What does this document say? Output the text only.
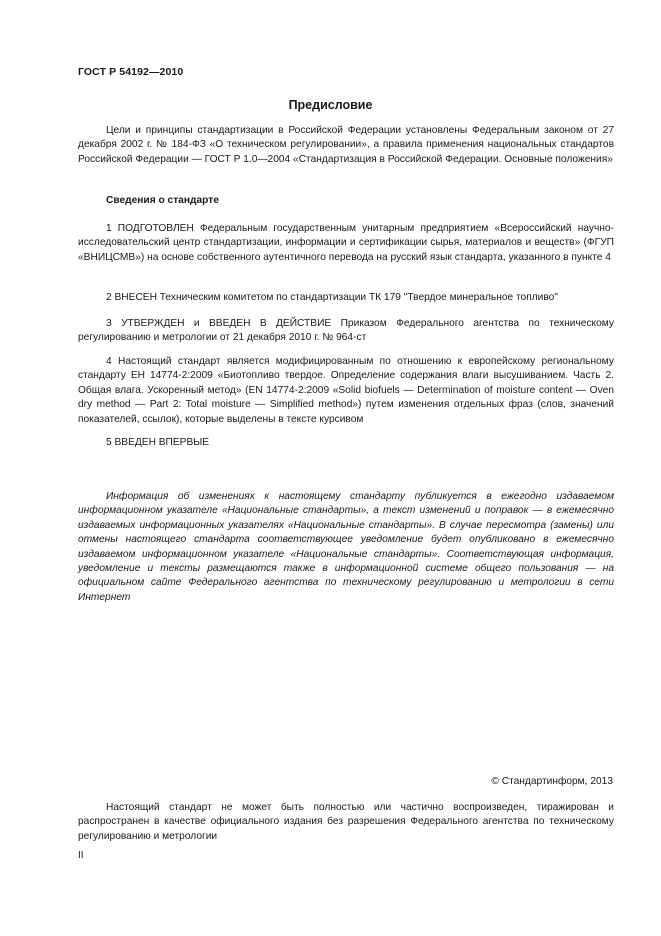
ГОСТ Р 54192—2010
Предисловие
Цели и принципы стандартизации в Российской Федерации установлены Федеральным законом от 27 декабря 2002 г. № 184-ФЗ «О техническом регулировании», а правила применения национальных стандартов Российской Федерации — ГОСТ Р 1.0—2004 «Стандартизация в Российской Федерации. Основные положения»
Сведения о стандарте
1 ПОДГОТОВЛЕН Федеральным государственным унитарным предприятием «Всероссийский научно-исследовательский центр стандартизации, информации и сертификации сырья, материалов и веществ» (ФГУП «ВНИЦСМВ») на основе собственного аутентичного перевода на русский язык стандарта, указанного в пункте 4
2 ВНЕСЕН Техническим комитетом по стандартизации ТК 179 "Твердое минеральное топливо"
3 УТВЕРЖДЕН и ВВЕДЕН В ДЕЙСТВИЕ Приказом Федерального агентства по техническому регулированию и метрологии от 21 декабря 2010 г. № 964-ст
4 Настоящий стандарт является модифицированным по отношению к европейскому региональному стандарту ЕН 14774-2:2009 «Биотопливо твердое. Определение содержания влаги высушиванием. Часть 2. Общая влага. Ускоренный метод» (EN 14774-2:2009 «Solid biofuels — Determination of moisture content — Oven dry method — Part 2: Total moisture — Simplified method») путем изменения отдельных фраз (слов, значений показателей, ссылок), которые выделены в тексте курсивом
5 ВВЕДЕН ВПЕРВЫЕ
Информация об изменениях к настоящему стандарту публикуется в ежегодно издаваемом информационном указателе «Национальные стандарты», а текст изменений и поправок — в ежемесячно издаваемых информационных указателях «Национальные стандарты». В случае пересмотра (замены) или отмены настоящего стандарта соответствующее уведомление будет опубликовано в ежемесячно издаваемом информационном указателе «Национальные стандарты». Соответствующая информация, уведомление и тексты размещаются также в информационной системе общего пользования — на официальном сайте Федерального агентства по техническому регулированию и метрологии в сети Интернет
© Стандартинформ, 2013
Настоящий стандарт не может быть полностью или частично воспроизведен, тиражирован и распространен в качестве официального издания без разрешения Федерального агентства по техническому регулированию и метрологии
II
